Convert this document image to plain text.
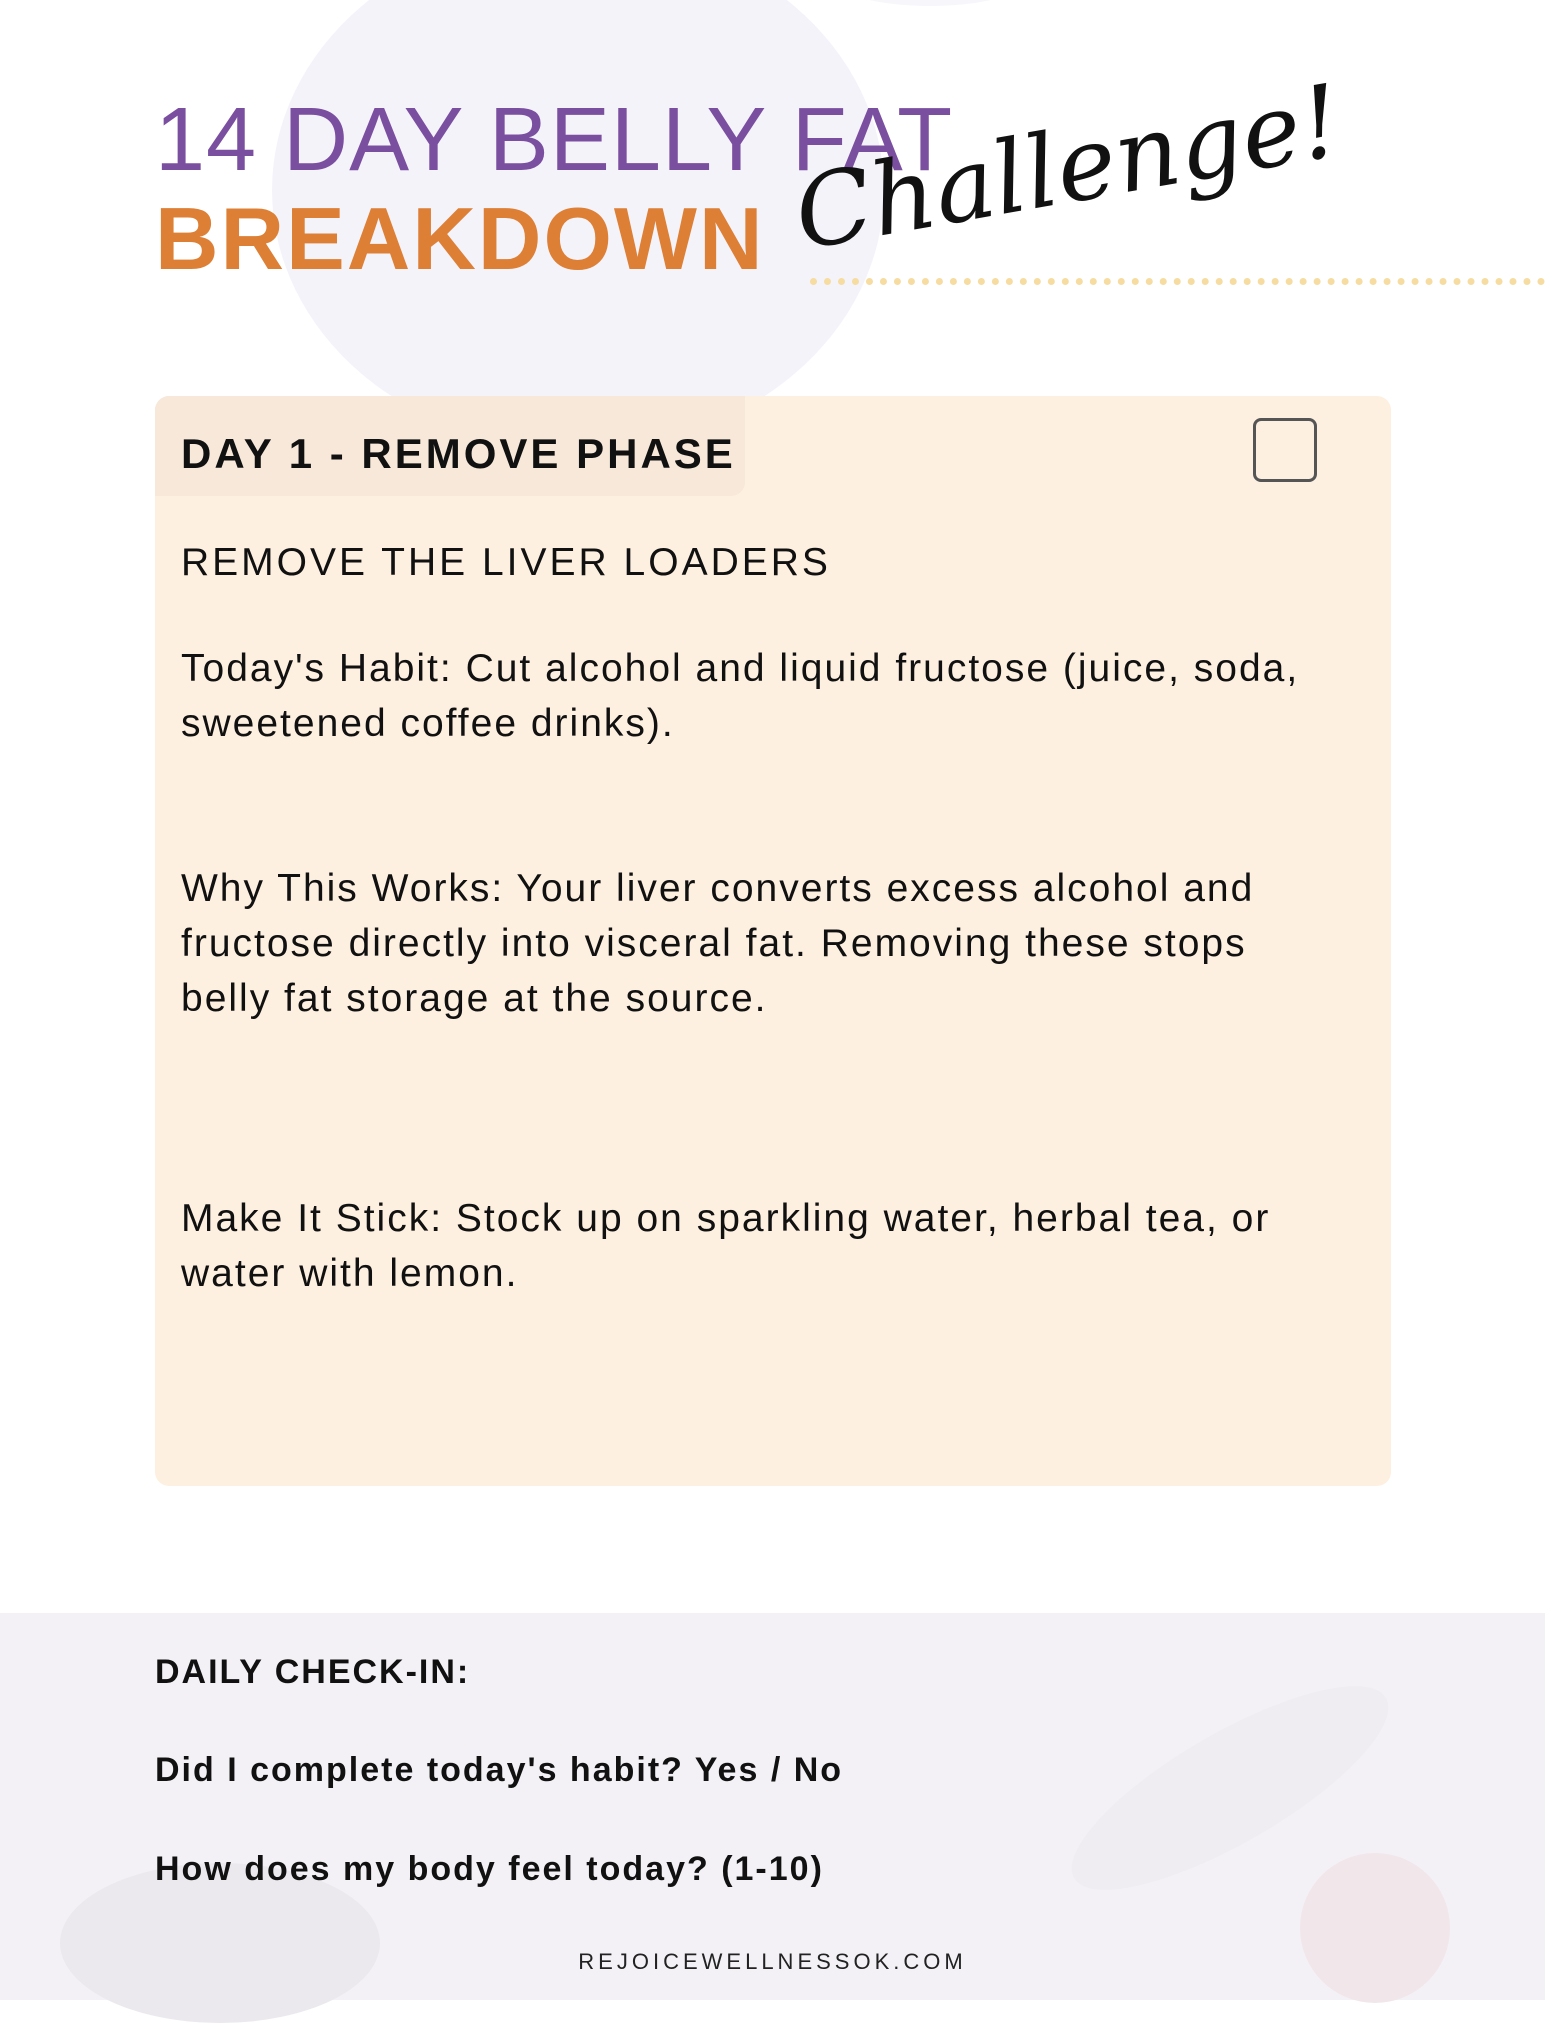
14 DAY BELLY FAT
BREAKDOWN Challenge!
DAY 1 - REMOVE PHASE
REMOVE THE LIVER LOADERS
Today's Habit: Cut alcohol and liquid fructose (juice, soda, sweetened coffee drinks).
Why This Works: Your liver converts excess alcohol and fructose directly into visceral fat. Removing these stops belly fat storage at the source.
Make It Stick: Stock up on sparkling water, herbal tea, or water with lemon.
DAILY CHECK-IN:
Did I complete today's habit? Yes / No
How does my body feel today? (1-10)
REJOICEWELLNESSOK.COM
